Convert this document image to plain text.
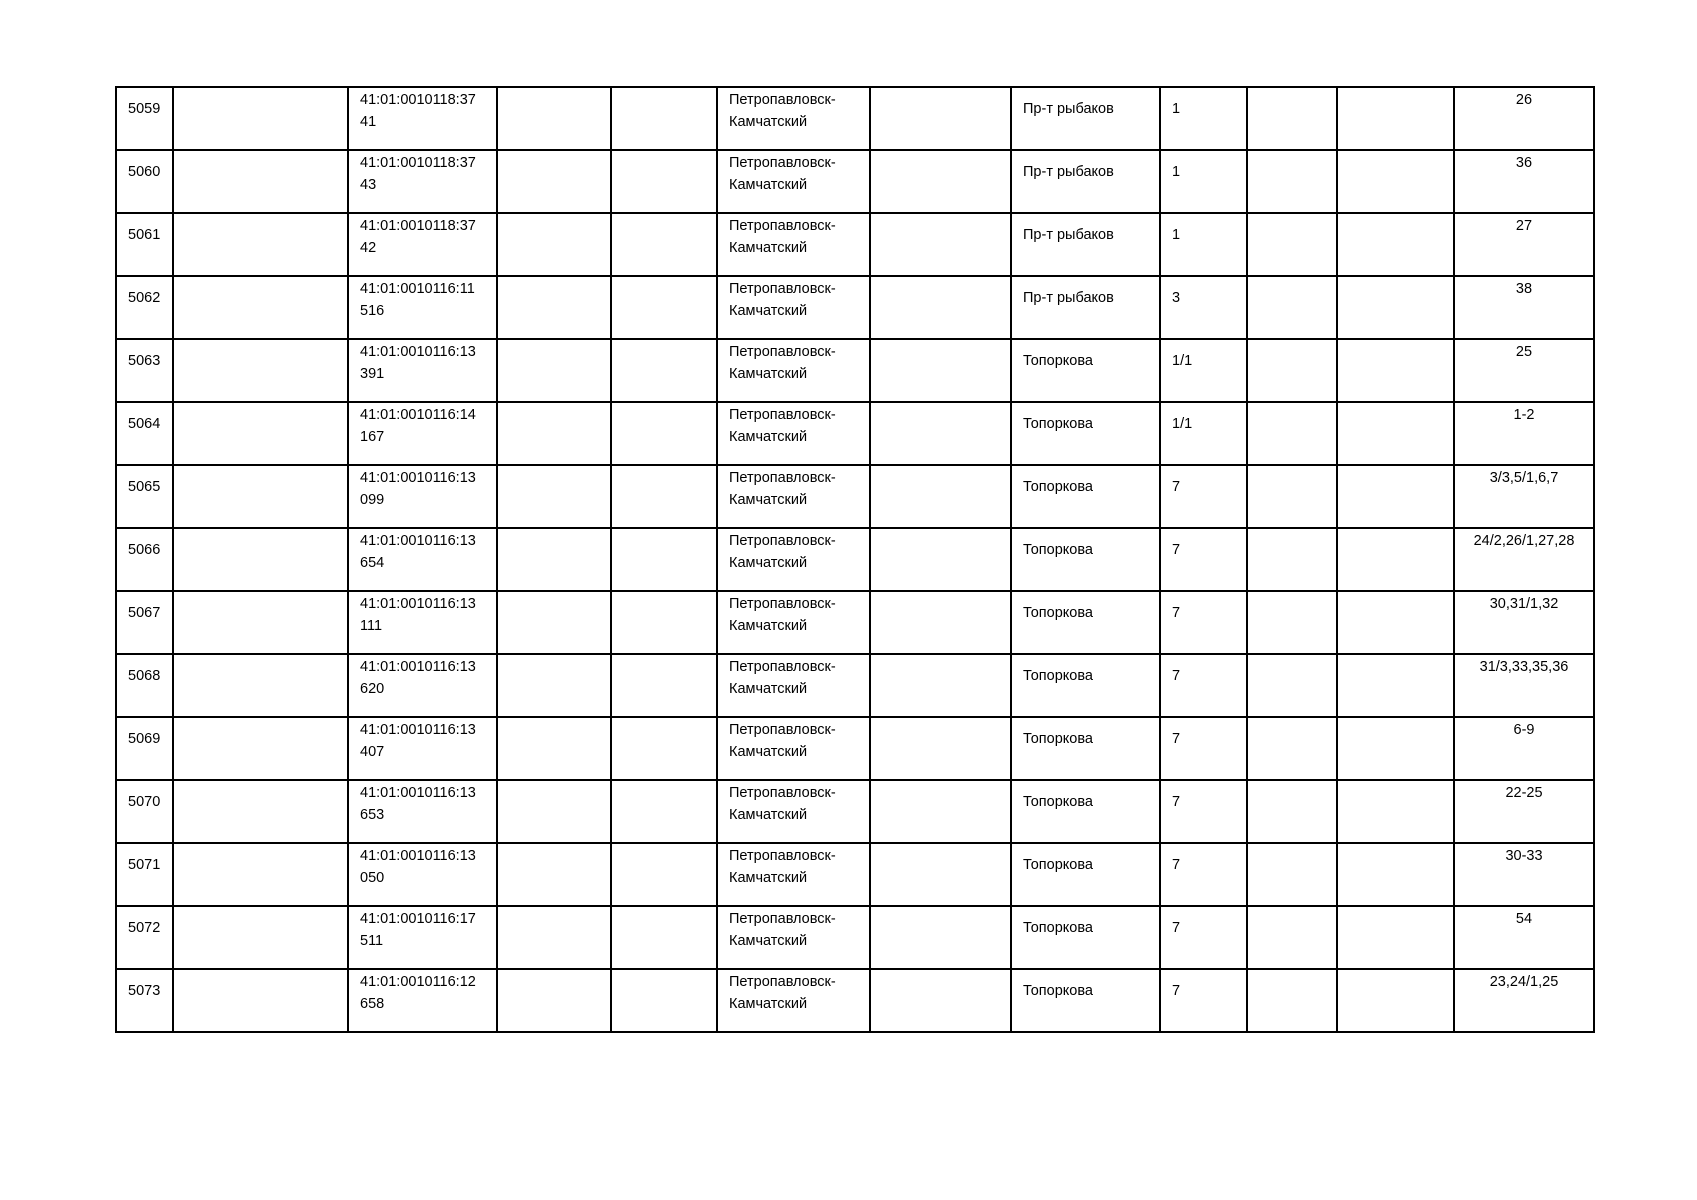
5059		41:01:0010118:37
41			Петропавловск-
Камчатский		Пр-т рыбаков	1			26

5060		41:01:0010118:37
43			Петропавловск-
Камчатский		Пр-т рыбаков	1			36

5061		41:01:0010118:37
42			Петропавловск-
Камчатский		Пр-т рыбаков	1			27

5062		41:01:0010116:11
516			Петропавловск-
Камчатский		Пр-т рыбаков	3			38

5063		41:01:0010116:13
391			Петропавловск-
Камчатский		Топоркова	1/1			25

5064		41:01:0010116:14
167			Петропавловск-
Камчатский		Топоркова	1/1			1-2

5065		41:01:0010116:13
099			Петропавловск-
Камчатский		Топоркова	7			3/3,5/1,6,7

5066		41:01:0010116:13
654			Петропавловск-
Камчатский		Топоркова	7			24/2,26/1,27,28

5067		41:01:0010116:13
111			Петропавловск-
Камчатский		Топоркова	7			30,31/1,32

5068		41:01:0010116:13
620			Петропавловск-
Камчатский		Топоркова	7			31/3,33,35,36

5069		41:01:0010116:13
407			Петропавловск-
Камчатский		Топоркова	7			6-9

5070		41:01:0010116:13
653			Петропавловск-
Камчатский		Топоркова	7			22-25

5071		41:01:0010116:13
050			Петропавловск-
Камчатский		Топоркова	7			30-33

5072		41:01:0010116:17
511			Петропавловск-
Камчатский		Топоркова	7			54

5073		41:01:0010116:12
658			Петропавловск-
Камчатский		Топоркова	7			23,24/1,25
